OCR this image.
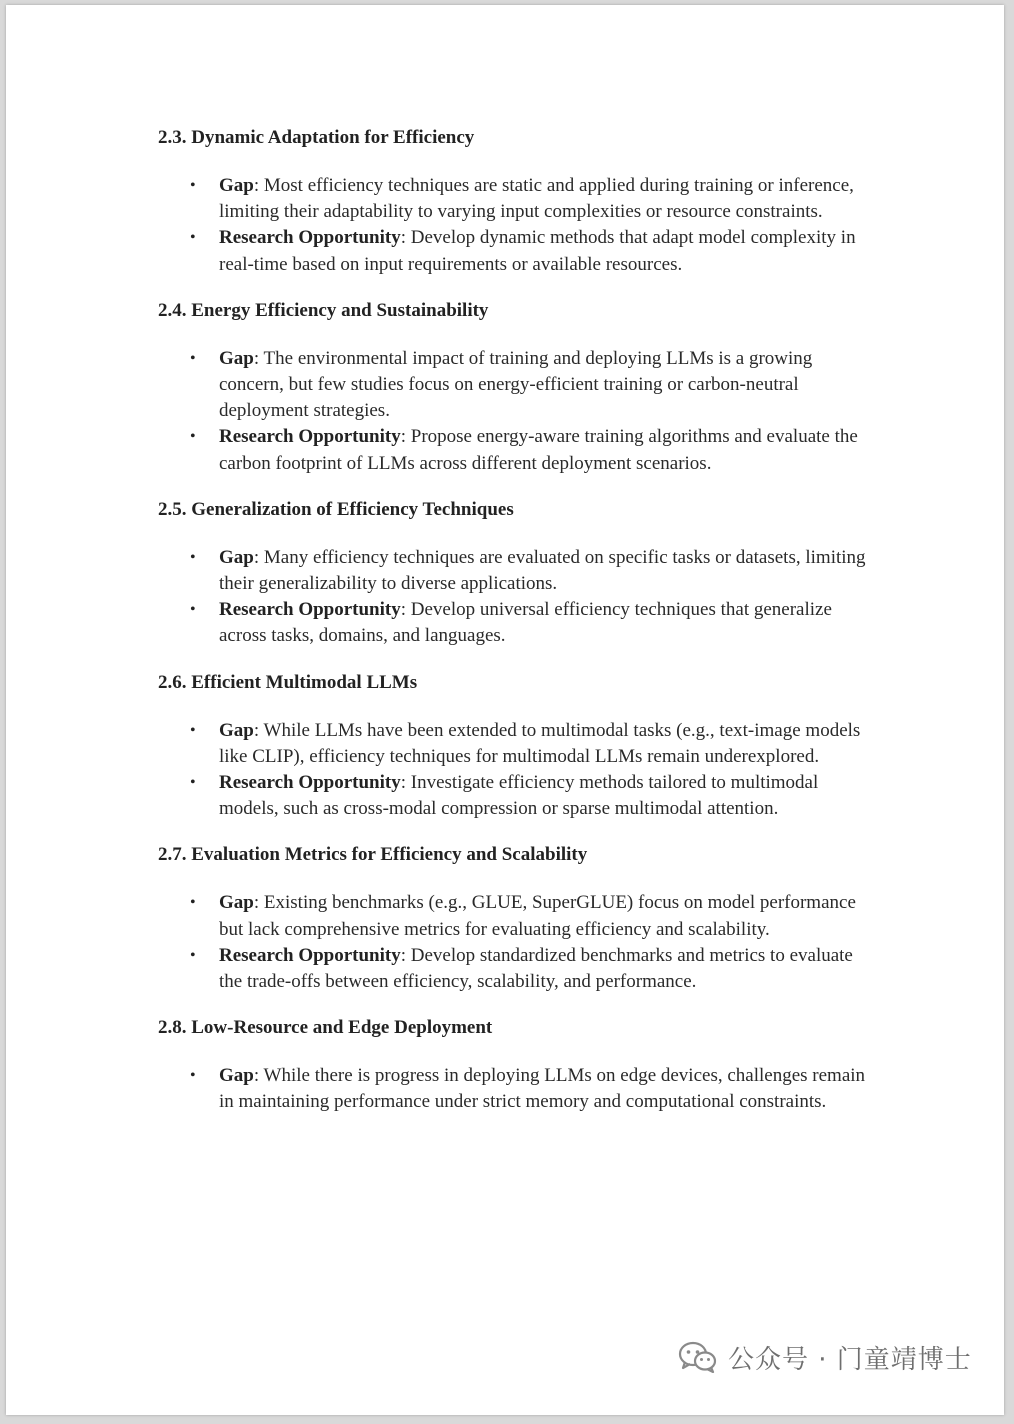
2.3. Dynamic Adaptation for Efficiency
• Gap: Most efficiency techniques are static and applied during training or inference, limiting their adaptability to varying input complexities or resource constraints.
• Research Opportunity: Develop dynamic methods that adapt model complexity in real-time based on input requirements or available resources.
2.4. Energy Efficiency and Sustainability
• Gap: The environmental impact of training and deploying LLMs is a growing concern, but few studies focus on energy-efficient training or carbon-neutral deployment strategies.
• Research Opportunity: Propose energy-aware training algorithms and evaluate the carbon footprint of LLMs across different deployment scenarios.
2.5. Generalization of Efficiency Techniques
• Gap: Many efficiency techniques are evaluated on specific tasks or datasets, limiting their generalizability to diverse applications.
• Research Opportunity: Develop universal efficiency techniques that generalize across tasks, domains, and languages.
2.6. Efficient Multimodal LLMs
• Gap: While LLMs have been extended to multimodal tasks (e.g., text-image models like CLIP), efficiency techniques for multimodal LLMs remain underexplored.
• Research Opportunity: Investigate efficiency methods tailored to multimodal models, such as cross-modal compression or sparse multimodal attention.
2.7. Evaluation Metrics for Efficiency and Scalability
• Gap: Existing benchmarks (e.g., GLUE, SuperGLUE) focus on model performance but lack comprehensive metrics for evaluating efficiency and scalability.
• Research Opportunity: Develop standardized benchmarks and metrics to evaluate the trade-offs between efficiency, scalability, and performance.
2.8. Low-Resource and Edge Deployment
• Gap: While there is progress in deploying LLMs on edge devices, challenges remain in maintaining performance under strict memory and computational constraints.
公众号 · 门童靖博士
